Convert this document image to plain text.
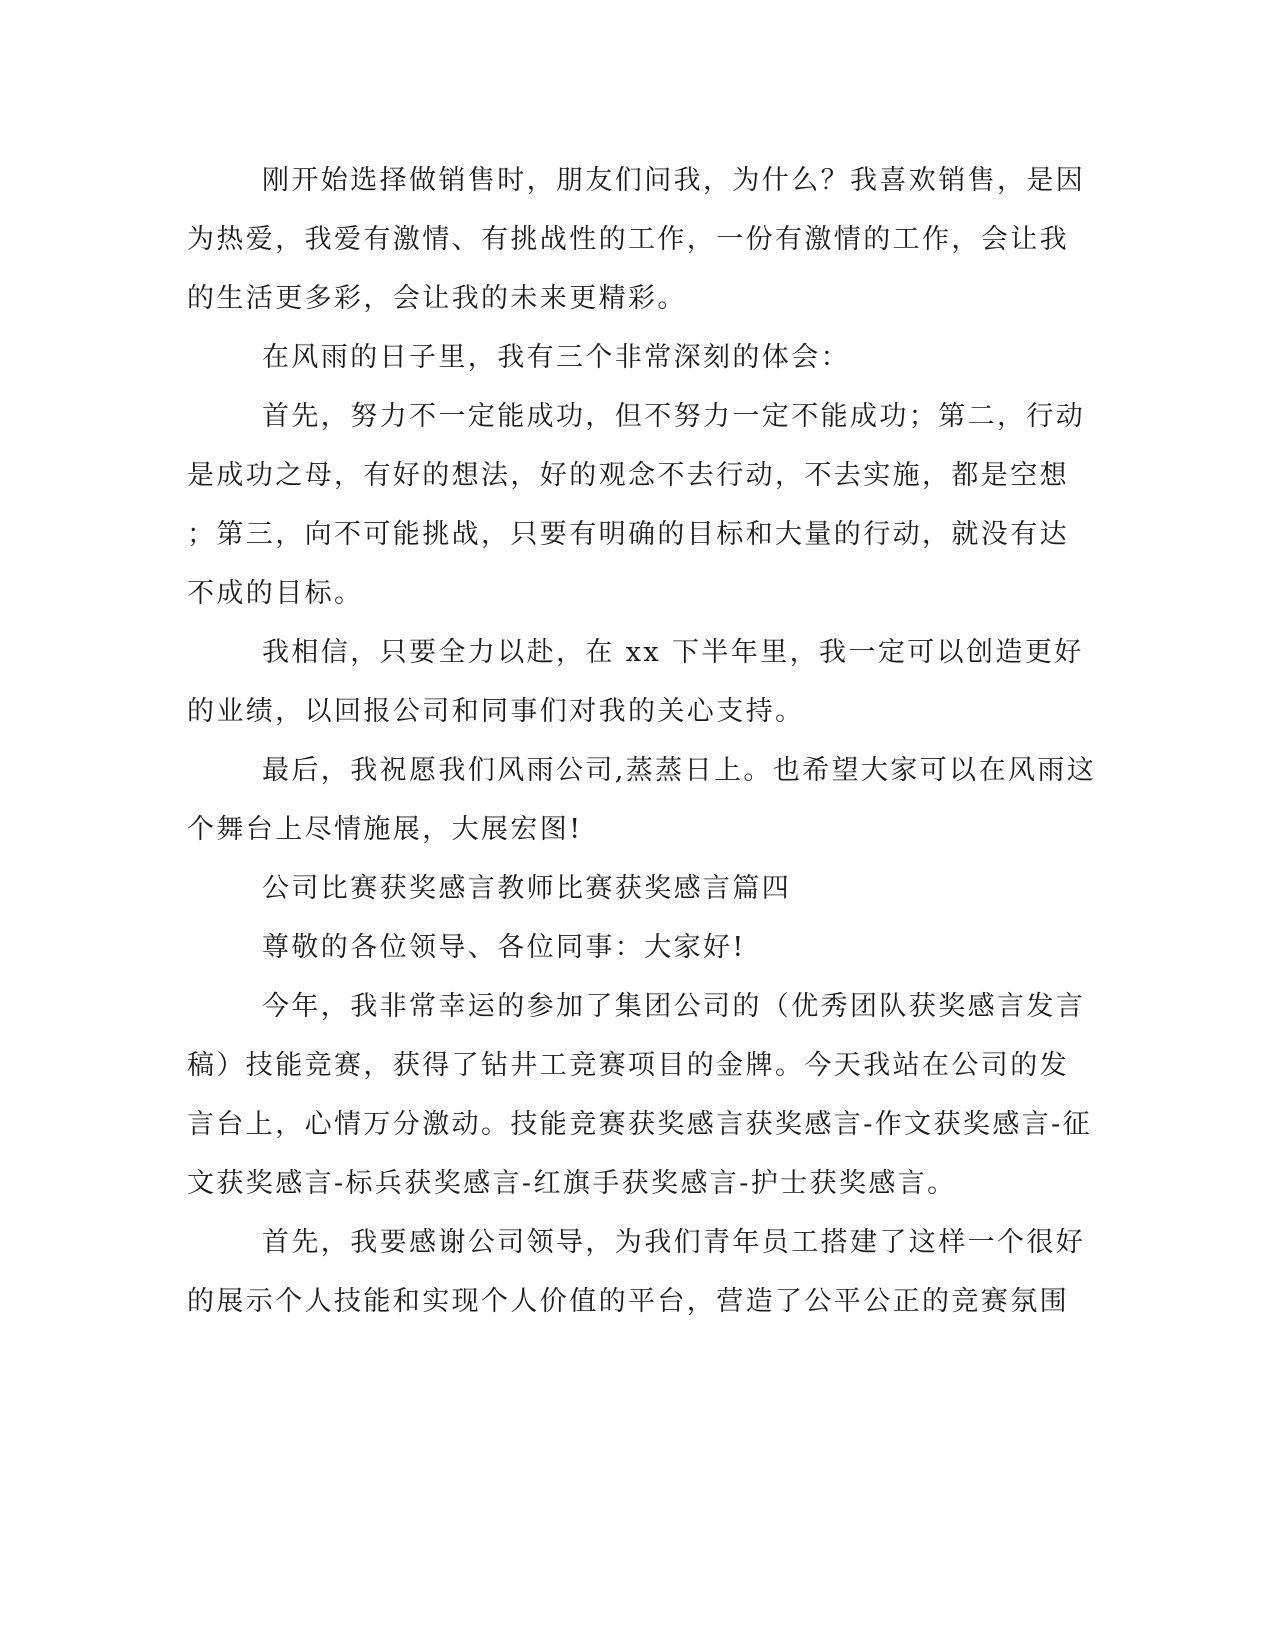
刚开始选择做销售时，朋友们问我，为什么？我喜欢销售，是因
为热爱，我爱有激情、有挑战性的工作，一份有激情的工作，会让我
的生活更多彩，会让我的未来更精彩。
在风雨的日子里，我有三个非常深刻的体会：
首先，努力不一定能成功，但不努力一定不能成功；第二，行动
是成功之母，有好的想法，好的观念不去行动，不去实施，都是空想
；第三，向不可能挑战，只要有明确的目标和大量的行动，就没有达
不成的目标。
我相信，只要全力以赴，在 xx 下半年里，我一定可以创造更好
的业绩，以回报公司和同事们对我的关心支持。
最后，我祝愿我们风雨公司,蒸蒸日上。也希望大家可以在风雨这
个舞台上尽情施展，大展宏图!
公司比赛获奖感言教师比赛获奖感言篇四
尊敬的各位领导、各位同事：大家好!
今年，我非常幸运的参加了集团公司的（优秀团队获奖感言发言
稿）技能竞赛，获得了钻井工竞赛项目的金牌。今天我站在公司的发
言台上，心情万分激动。技能竞赛获奖感言获奖感言-作文获奖感言-征
文获奖感言-标兵获奖感言-红旗手获奖感言-护士获奖感言。
首先，我要感谢公司领导，为我们青年员工搭建了这样一个很好
的展示个人技能和实现个人价值的平台，营造了公平公正的竞赛氛围
